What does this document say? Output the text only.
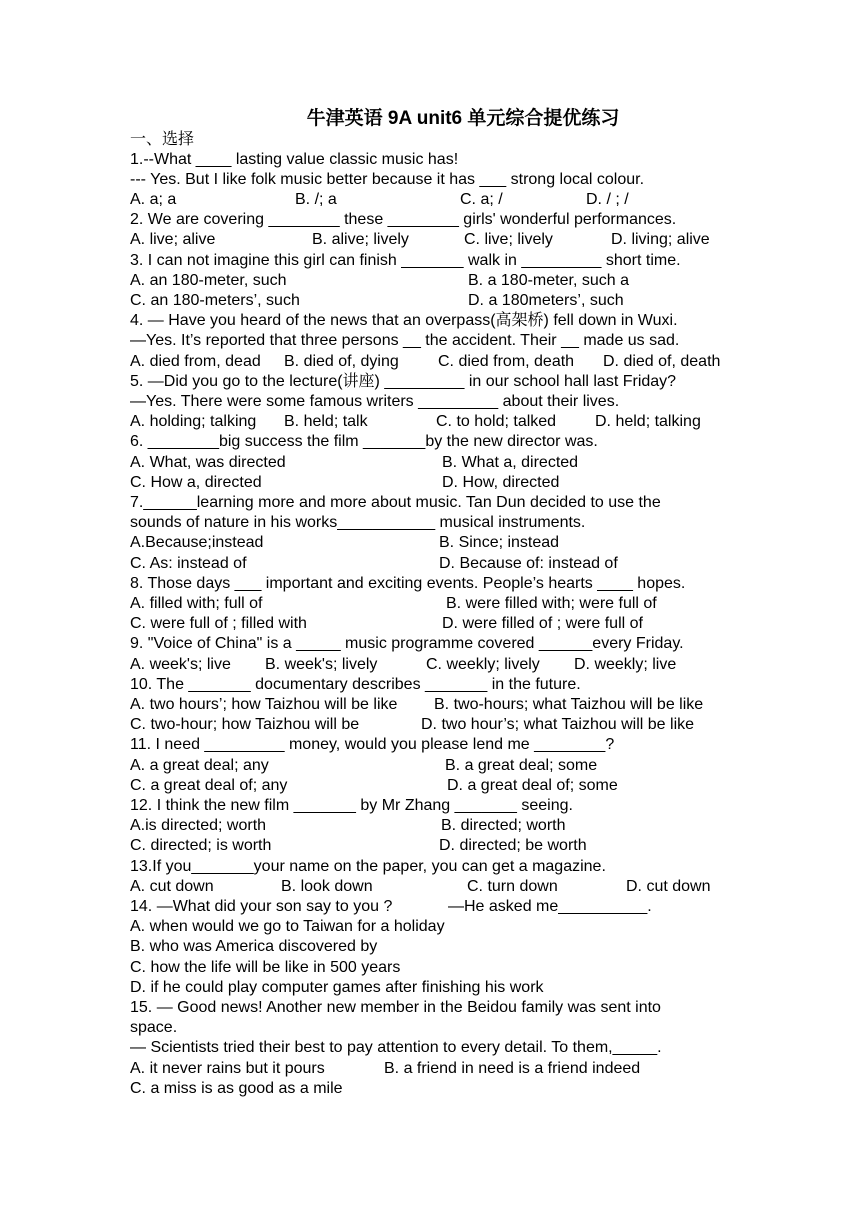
牛津英语 9A unit6 单元综合提优练习
一、选择
1.--What ____ lasting value classic music has!
--- Yes. But I like folk music better because it has ___ strong local colour.
A. a; a	B. /; a	C. a; /	D. / ; /
2. We are covering ________ these ________ girls' wonderful performances.
A. live; alive	B. alive; lively	C. live; lively	D. living; alive
3. I can not imagine this girl can finish _______ walk in _________ short time.
A. an 180-meter, such	B. a 180-meter, such a
C. an 180-meters’, such	D. a 180meters’, such
4. — Have you heard of the news that an overpass(高架桥) fell down in Wuxi.
—Yes. It’s reported that three persons __ the accident. Their __ made us sad.
A. died from, dead B. died of, dying C. died from, death D. died of, death
5. —Did you go to the lecture(讲座) _________ in our school hall last Friday?
—Yes. There were some famous writers _________ about their lives.
A. holding; talking B. held; talk	C. to hold; talked D. held; talking
6. ________big success the film _______by the new director was.
A. What, was directed	B. What a, directed
C. How a, directed	D. How, directed
7.______learning more and more about music. Tan Dun decided to use the
sounds of nature in his works___________ musical instruments.
A.Because;instead	B. Since; instead
C. As: instead of	D. Because of: instead of
8. Those days ___ important and exciting events. People’s hearts ____ hopes.
A. filled with; full of	B. were filled with; were full of
C. were full of ; filled with	D. were filled of ; were full of
9. "Voice of China" is a _____ music programme covered ______every Friday.
A. week's; live B. week's; lively	C. weekly; lively D. weekly; live
10. The _______ documentary describes _______ in the future.
A. two hours’; how Taizhou will be like B. two-hours; what Taizhou will be like
C. two-hour; how Taizhou will be	D. two hour’s; what Taizhou will be like
11. I need _________ money, would you please lend me ________?
A. a great deal; any	B. a great deal; some
C. a great deal of; any	D. a great deal of; some
12. I think the new film _______ by Mr Zhang _______ seeing.
A.is directed; worth	B. directed; worth
C. directed; is worth	D. directed; be worth
13.If you_______your name on the paper, you can get a magazine.
A. cut down	B. look down	C. turn down	D. cut down
14. —What did your son say to you ?	—He asked me__________.
A. when would we go to Taiwan for a holiday
B. who was America discovered by
C. how the life will be like in 500 years
D. if he could play computer games after finishing his work
15. — Good news! Another new member in the Beidou family was sent into
space.
— Scientists tried their best to pay attention to every detail. To them,_____.
A. it never rains but it pours	B. a friend in need is a friend indeed
C. a miss is as good as a mile
